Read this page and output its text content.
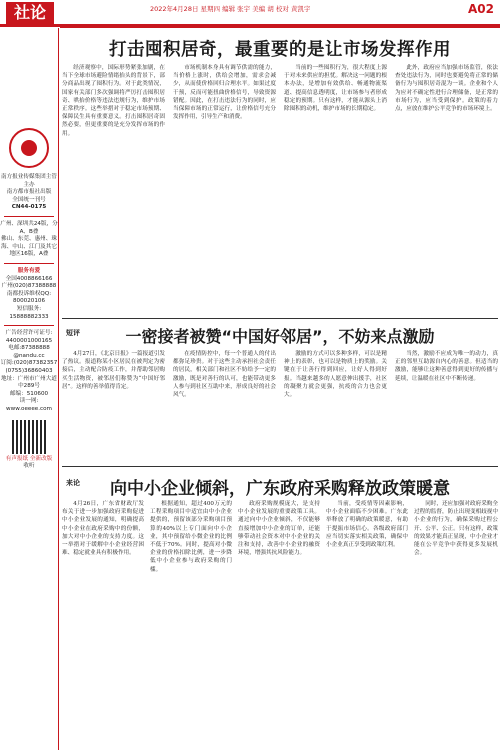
社论	2022年4月28日 星期四 编辑 张宇 美编 胡 校对 黄凯宇	A02
南方报业传媒集团主管主办
南方都市报社出版
全国统一刊号
CN44-0175
广州、深圳共24版，分A、B叠
佛山、东莞、惠州、珠海、中山、江门及其它地区16版，A叠
服务有爱
全国4008866166
广州(020)87388888
南都投诉维权QQ:
800020106
短信服务:
15888882333
广告经营许可证号:
4400001000165
电邮:87388888
@nandu.cc
订阅:(020)87382357
(0755)36860403
地址：广州市广州大道中289号
邮编：510600
读一网:
www.oeeee.com
有声报纸 全新改版
收听
打击囤积居奇，最重要的是让市场发挥作用
经济观察中，国际形势紧张加剧，在当下全球市场避险情绪抬头的背景下，部分商品出现了囤积行为。对于此类情况，国家有关部门多次强调将严厉打击囤积居奇、哄抬价格等违法违规行为，维护市场正常秩序。这些举措对于稳定市场预期、保障民生具有重要意义。打击囤积居奇固然必要，但更重要的是充分发挥市场的作用。
市场机制本身具有调节供需的能力，当价格上涨时，供给会增加，需求会减少，从而使价格回归合理水平。如果过度干预，反而可能扭曲价格信号，导致资源错配。因此，在打击违法行为的同时，应当保障市场的正常运行，让价格信号充分发挥作用，引导生产和消费。
当前的一些囤积行为，很大程度上源于对未来供应的担忧。解决这一问题的根本办法，是增加有效供给、畅通物流渠道、提高信息透明度，让市场参与者形成稳定的预期。只有这样，才能从源头上消除囤积的动机，维护市场的长期稳定。
此外，政府应当加强市场监管，依法查处违法行为，同时也要避免将正常的储备行为与囤积居奇混为一谈。企业和个人为应对不确定性进行合理储备，是正常的市场行为，应当受到保护。政策的着力点，应放在维护公平竞争的市场环境上。
短评	一密接者被赞“中国好邻居”，不妨来点激励
4月27日，《北京日报》一篇报道引发了热议。报道称某小区居民在被判定为密接后，主动配合防疫工作，并帮助邻居购买生活物资，被邻居们称赞为“中国好邻居”。这样的善举值得肯定。
在疫情防控中，每一个普通人的付出都弥足珍贵。对于这些主动承担社会责任的居民，相关部门和社区不妨给予一定的激励，既是对善行的认可，也能带动更多人参与到社区互助中来，形成良好的社会风气。
激励的方式可以多种多样，可以是精神上的表彰，也可以是物质上的奖励。关键在于让善行得到回应，让好人得到好报。当越来越多的人愿意伸出援手，社区的凝聚力就会更强，抗疫的合力也会更大。
当然，激励不应成为唯一的动力，真正的邻里互助源自内心的善意。但适当的激励，能够让这种善意得到更好的传播与延续，让温暖在社区中不断传递。
来论	向中小企业倾斜，广东政府采购释放政策暖意
4月26日，广东省财政厅发布关于进一步加强政府采购促进中小企业发展的通知，明确提高中小企业在政府采购中的份额，加大对中小企业的支持力度。这一举措对于缓解中小企业经营困难、稳定就业具有积极作用。
根据通知，超过400万元的工程采购项目中适宜由中小企业提供的，预留该部分采购项目预算的40%以上专门面向中小企业，其中预留给小微企业的比例不低于70%。同时，提高对小微企业的价格扣除比例，进一步降低中小企业参与政府采购的门槛。
政府采购规模庞大，是支持中小企业发展的重要政策工具。通过向中小企业倾斜，不仅能够直接增加中小企业的订单，还能够带动社会资本对中小企业的关注和支持，改善中小企业的融资环境，增强其抗风险能力。
当前，受疫情等因素影响，中小企业面临不少困难。广东此举释放了明确的政策暖意，有助于提振市场信心。各级政府部门应当切实落实相关政策，确保中小企业真正享受到政策红利。
同时，还应加强对政府采购全过程的监督，防止出现变相歧视中小企业的行为，确保采购过程公开、公平、公正。只有这样，政策的效果才能真正显现，中小企业才能在公平竞争中获得更多发展机会。
